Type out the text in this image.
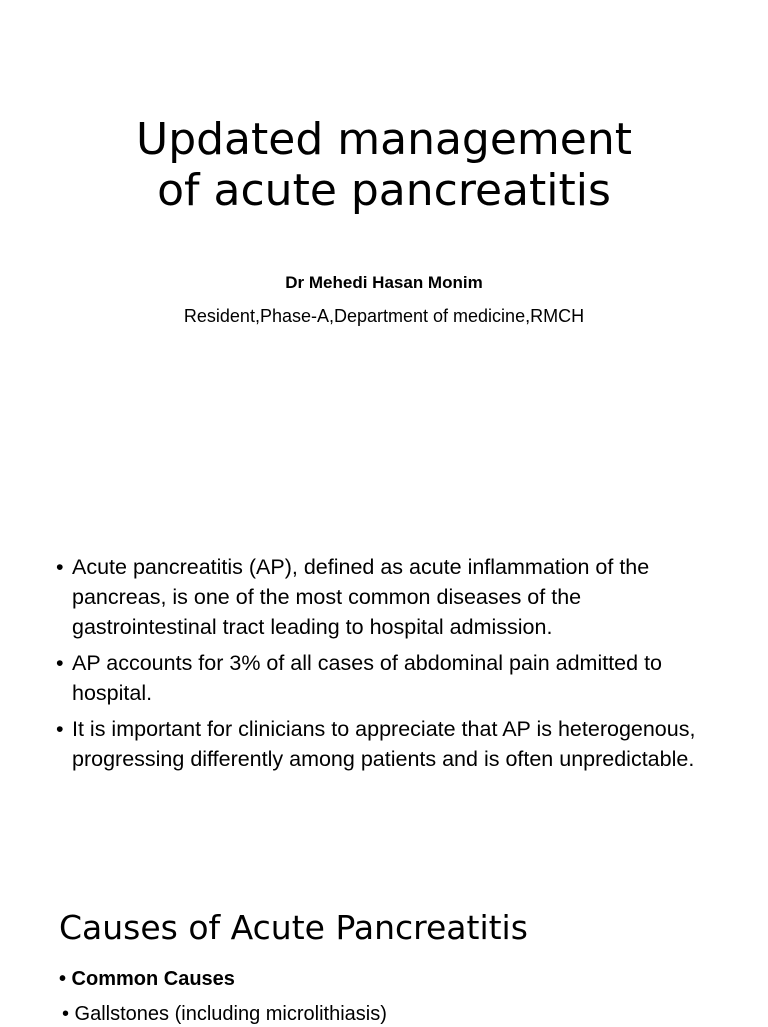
Updated management
of acute pancreatitis
Dr Mehedi Hasan Monim
Resident,Phase-A,Department of medicine,RMCH
• Acute pancreatitis (AP), defined as acute inflammation of the pancreas, is one of the most common diseases of the gastrointestinal tract leading to hospital admission.
• AP accounts for 3% of all cases of abdominal pain admitted to hospital.
• It is important for clinicians to appreciate that AP is heterogenous, progressing differently among patients and is often unpredictable.
Causes of Acute Pancreatitis
• Common Causes
• Gallstones (including microlithiasis)
